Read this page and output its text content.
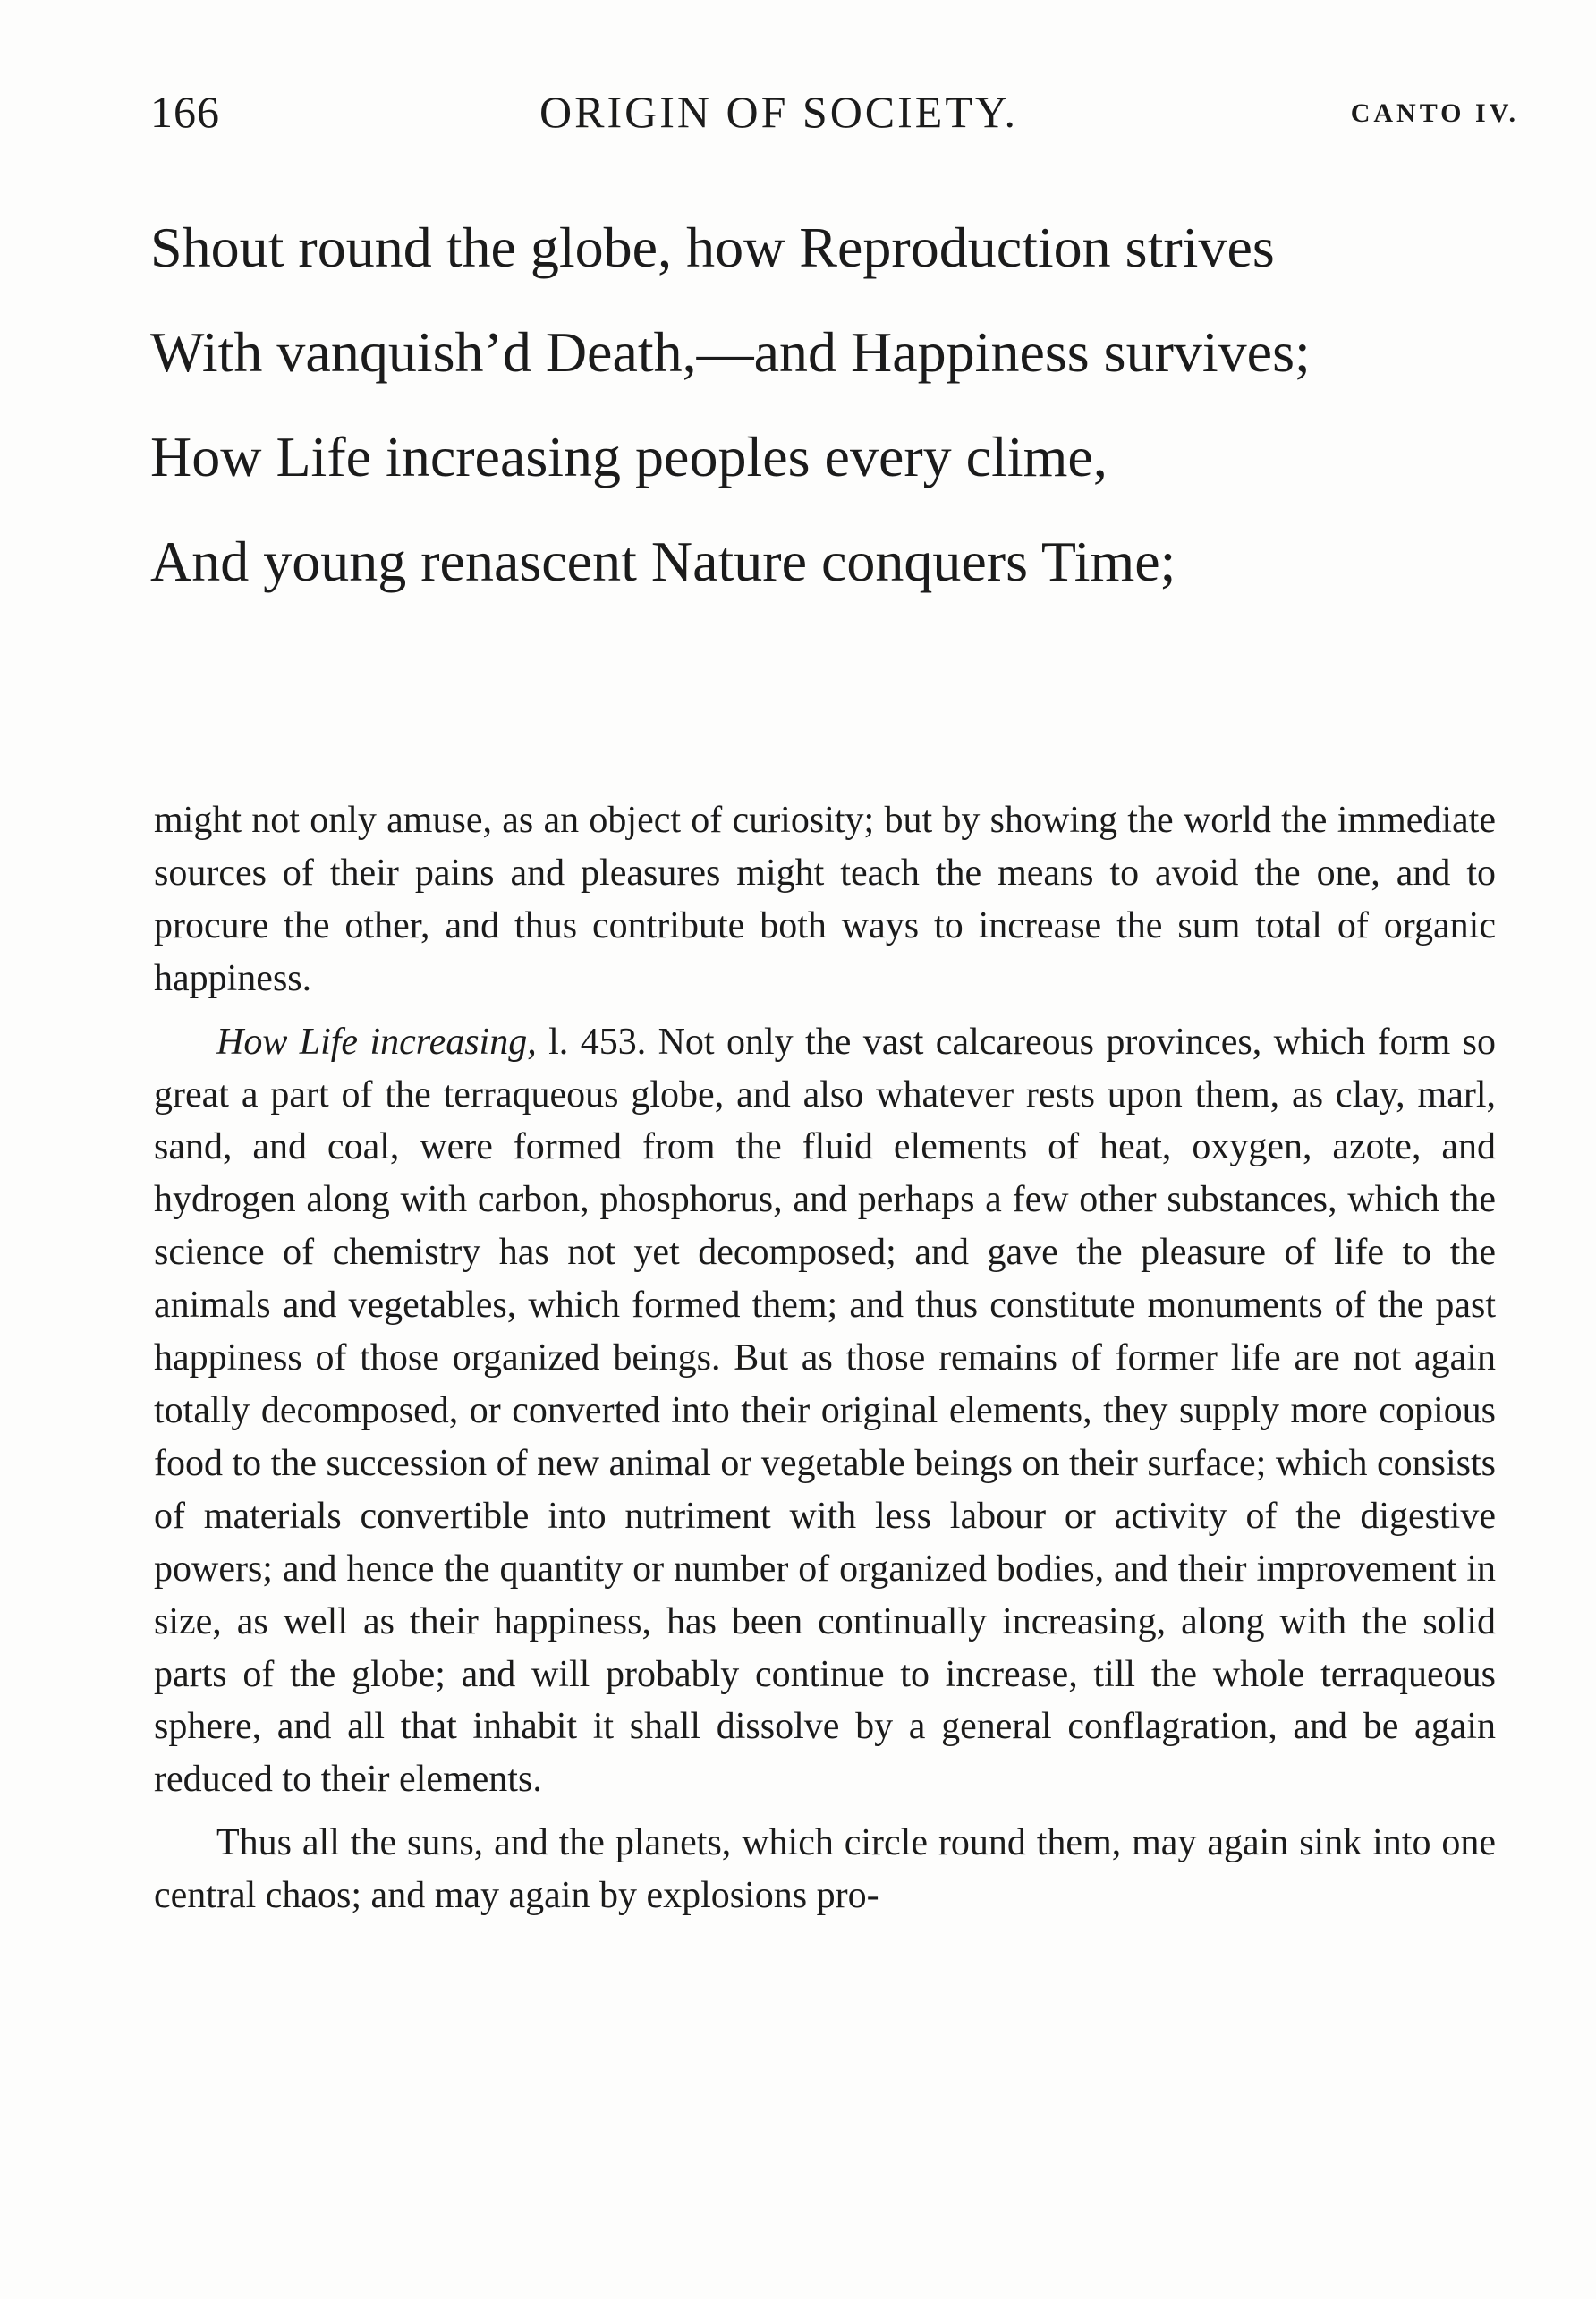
166	ORIGIN OF SOCIETY.	CANTO IV.
Shout round the globe, how Reproduction strives
With vanquish’d Death,—and Happiness survives;
How Life increasing peoples every clime,
And young renascent Nature conquers Time;

might not only amuse, as an object of curiosity; but by showing the world the immediate sources of their pains and pleasures might teach the means to avoid the one, and to procure the other, and thus contribute both ways to increase the sum total of organic happiness.

How Life increasing, l. 453. Not only the vast calcareous provinces, which form so great a part of the terraqueous globe, and also whatever rests upon them, as clay, marl, sand, and coal, were formed from the fluid elements of heat, oxygen, azote, and hydrogen along with carbon, phosphorus, and perhaps a few other substances, which the science of chemistry has not yet decomposed; and gave the pleasure of life to the animals and vegetables, which formed them; and thus constitute monuments of the past happiness of those organized beings. But as those remains of former life are not again totally decomposed, or converted into their original elements, they supply more copious food to the succession of new animal or vegetable beings on their surface; which consists of materials convertible into nutriment with less labour or activity of the digestive powers; and hence the quantity or number of organized bodies, and their improvement in size, as well as their happiness, has been continually increasing, along with the solid parts of the globe; and will probably continue to increase, till the whole terraqueous sphere, and all that inhabit it shall dissolve by a general conflagration, and be again reduced to their elements.

Thus all the suns, and the planets, which circle round them, may again sink into one central chaos; and may again by explosions pro-
